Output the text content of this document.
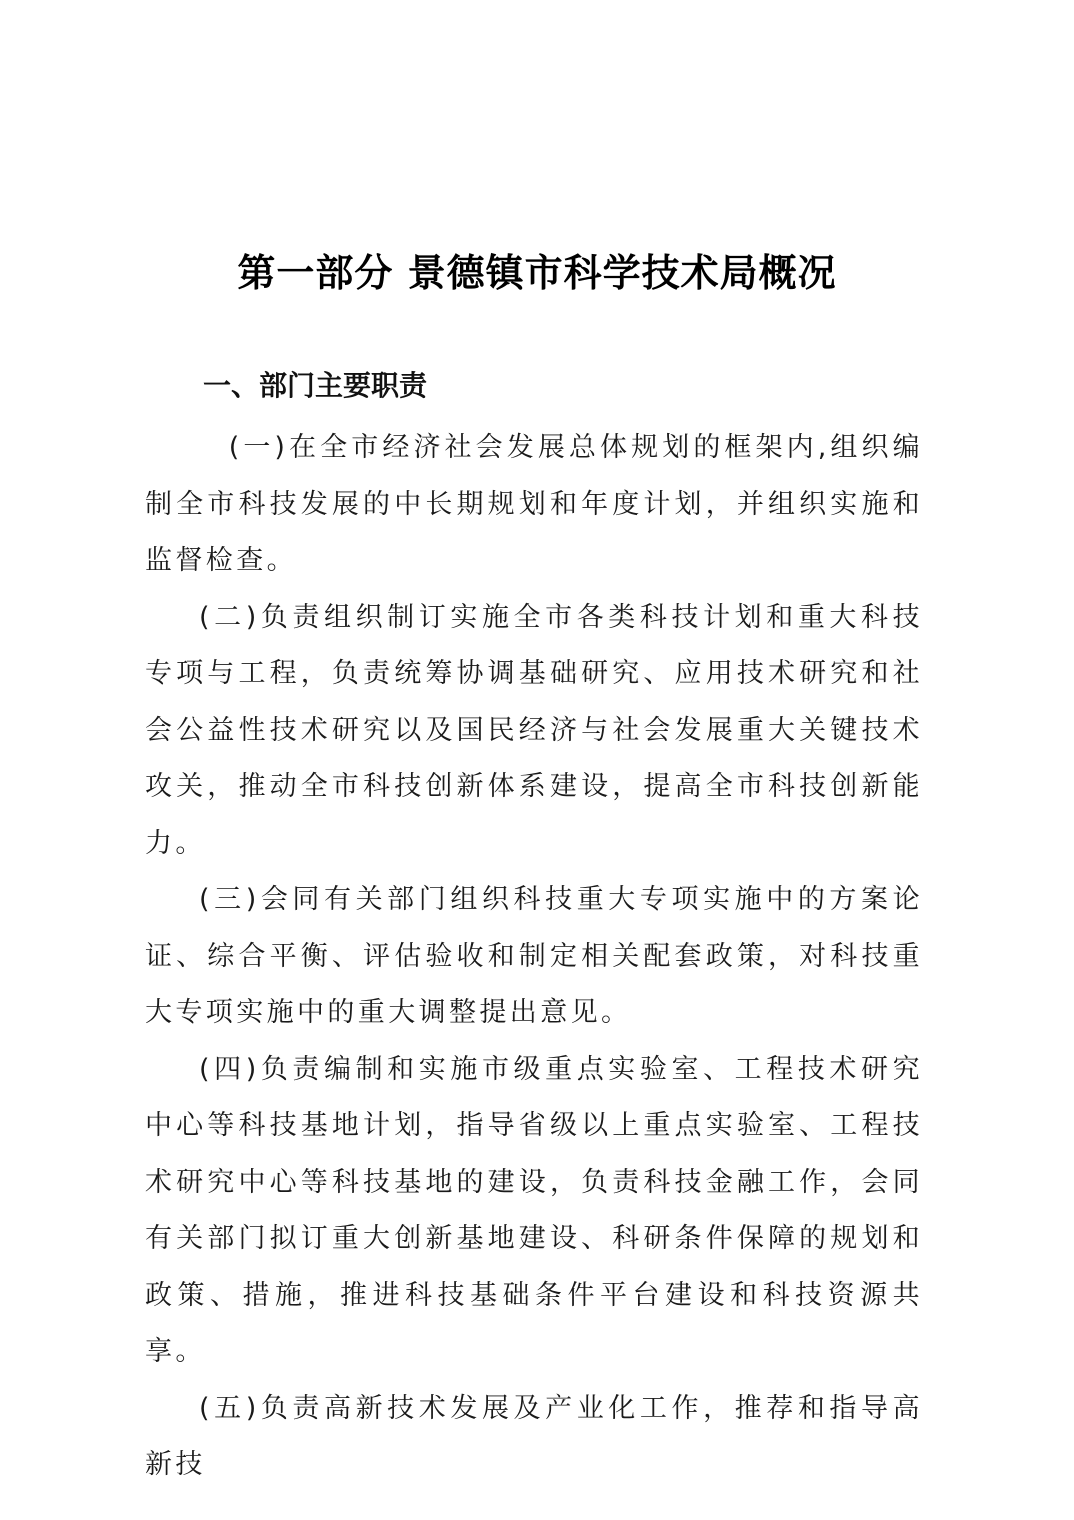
第一部分 景德镇市科学技术局概况
一、部门主要职责

(一)在全市经济社会发展总体规划的框架内,组织编制全市科技发展的中长期规划和年度计划，并组织实施和监督检查。

(二)负责组织制订实施全市各类科技计划和重大科技专项与工程，负责统筹协调基础研究、应用技术研究和社会公益性技术研究以及国民经济与社会发展重大关键技术攻关，推动全市科技创新体系建设，提高全市科技创新能力。

(三)会同有关部门组织科技重大专项实施中的方案论证、综合平衡、评估验收和制定相关配套政策，对科技重大专项实施中的重大调整提出意见。

(四)负责编制和实施市级重点实验室、工程技术研究中心等科技基地计划，指导省级以上重点实验室、工程技术研究中心等科技基地的建设，负责科技金融工作，会同有关部门拟订重大创新基地建设、科研条件保障的规划和政策、措施，推进科技基础条件平台建设和科技资源共享。

(五)负责高新技术发展及产业化工作，推荐和指导高新技
